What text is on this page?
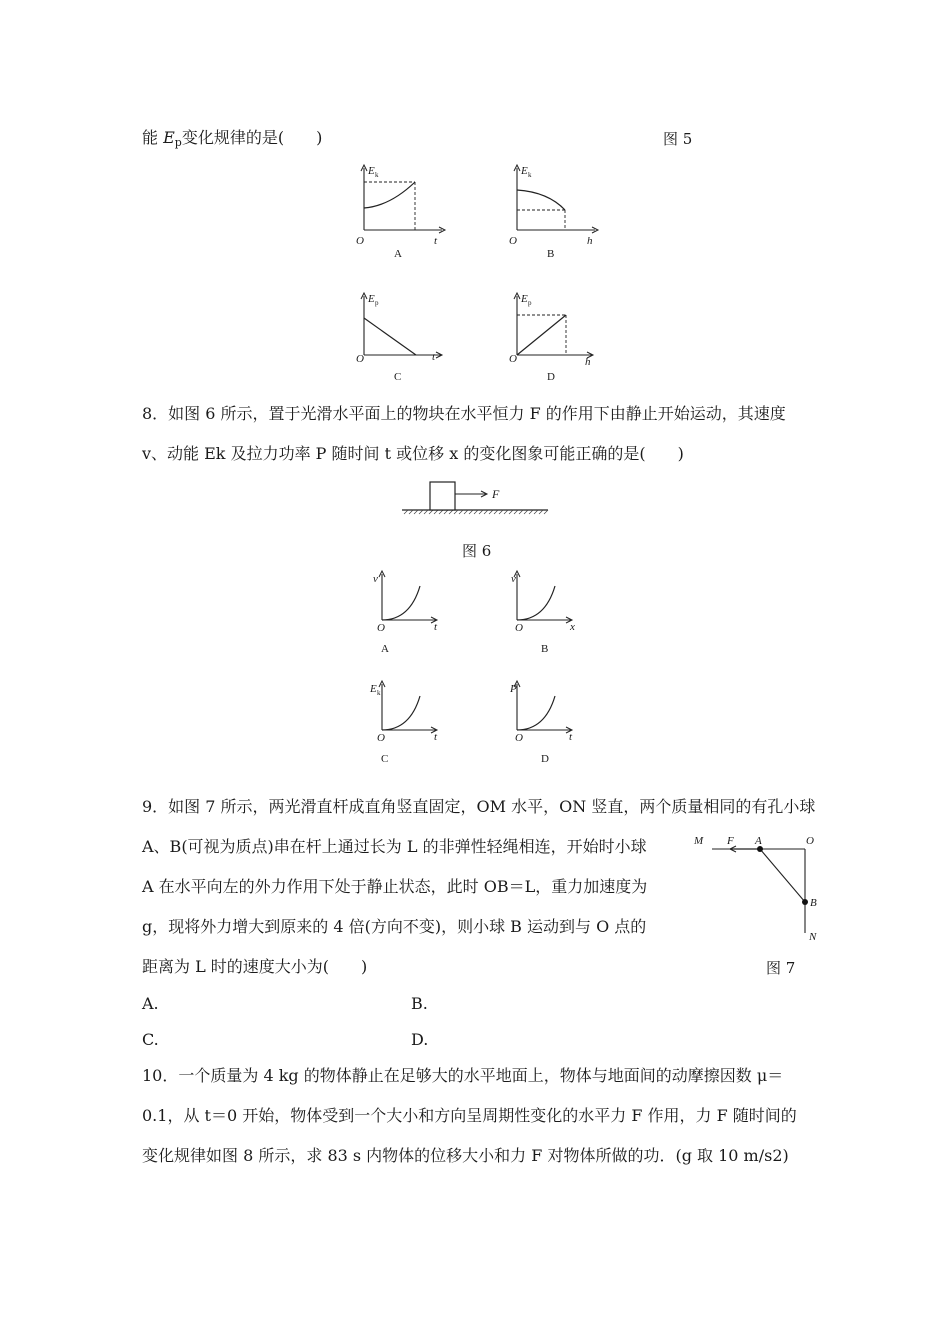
能 $E_p$变化规律的是(　　)	图 5
E k
t
O
A
E k
h
O
B
E p
t
O
C
E p
h
O
D
8．如图 6 所示，置于光滑水平面上的物块在水平恒力 F 的作用下由静止开始运动，其速度
v、动能 Ek 及拉力功率 P 随时间 t 或位移 x 的变化图象可能正确的是(　　)
F
图 6
v
t
O
A
v
x
O
B
E k
t
O
C
P
t
O
D
9．如图 7 所示，两光滑直杆成直角竖直固定，OM 水平，ON 竖直，两个质量相同的有孔小球
A、B(可视为质点)串在杆上通过长为 L 的非弹性轻绳相连，开始时小球
A 在水平向左的外力作用下处于静止状态，此时 OB＝L，重力加速度为
g，现将外力增大到原来的 4 倍(方向不变)，则小球 B 运动到与 O 点的
距离为 L 时的速度大小为(　　)
M F A	O
B
N
图 7
A.	B.
C.	D.
10．一个质量为 4 kg 的物体静止在足够大的水平地面上，物体与地面间的动摩擦因数 μ＝
0.1，从 t＝0 开始，物体受到一个大小和方向呈周期性变化的水平力 F 作用，力 F 随时间的
变化规律如图 8 所示，求 83 s 内物体的位移大小和力 F 对物体所做的功．(g 取 10 m/s2)
